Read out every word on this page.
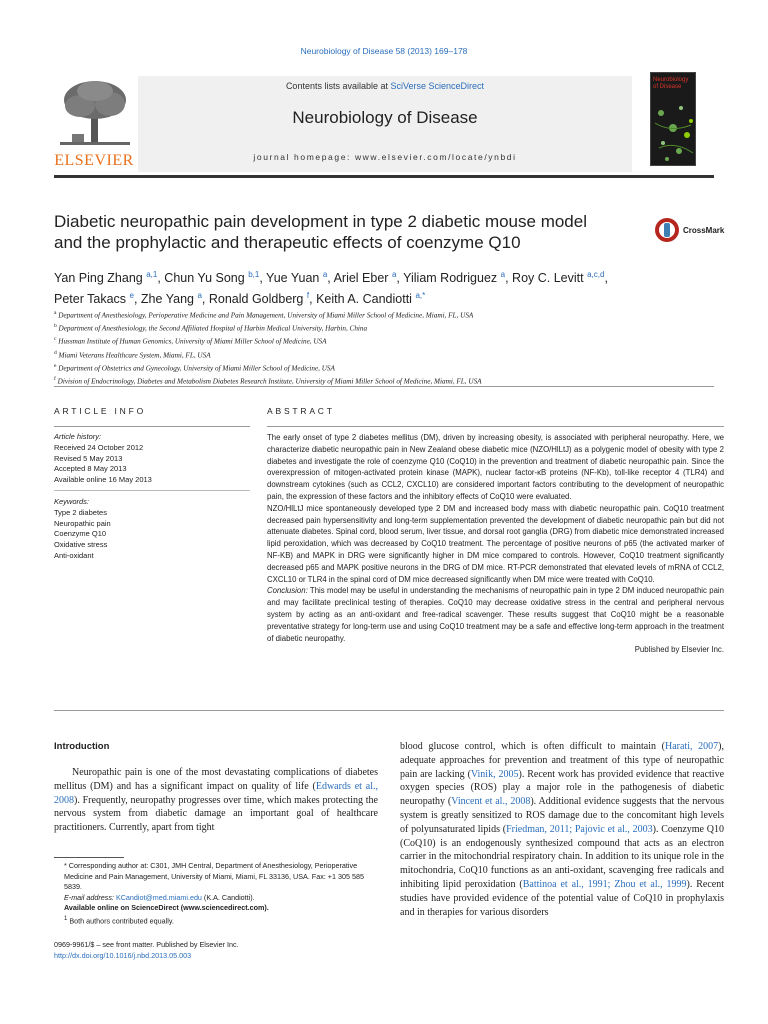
Neurobiology of Disease 58 (2013) 169–178
ELSEVIER
Contents lists available at SciVerse ScienceDirect
Neurobiology of Disease
journal homepage: www.elsevier.com/locate/ynbdi
Neurobiology of Disease
Diabetic neuropathic pain development in type 2 diabetic mouse model
and the prophylactic and therapeutic effects of coenzyme Q10
CrossMark
Yan Ping Zhang $^{a,1}$, Chun Yu Song $^{b,1}$, Yue Yuan $^a$, Ariel Eber $^a$, Yiliam Rodriguez $^a$, Roy C. Levitt $^{a,c,d}$,
Peter Takacs $^e$, Zhe Yang $^a$, Ronald Goldberg $^f$, Keith A. Candiotti $^{a,*}$
$^a$ Department of Anesthesiology, Perioperative Medicine and Pain Management, University of Miami Miller School of Medicine, Miami, FL, USA
$^b$ Department of Anesthesiology, the Second Affiliated Hospital of Harbin Medical University, Harbin, China
$^c$ Hussman Institute of Human Genomics, University of Miami Miller School of Medicine, USA
$^d$ Miami Veterans Healthcare System, Miami, FL, USA
$^e$ Department of Obstetrics and Gynecology, University of Miami Miller School of Medicine, USA
$^f$ Division of Endocrinology, Diabetes and Metabolism Diabetes Research Institute, University of Miami Miller School of Medicine, Miami, FL, USA
ARTICLE INFO	ABSTRACT
Article history:
Received 24 October 2012
Revised 5 May 2013
Accepted 8 May 2013
Available online 16 May 2013
Keywords:
Type 2 diabetes
Neuropathic pain
Coenzyme Q10
Oxidative stress
Anti-oxidant

The early onset of type 2 diabetes mellitus (DM), driven by increasing obesity, is associated with peripheral neuropathy. Here, we characterize diabetic neuropathic pain in New Zealand obese diabetic mice (NZO/HlLtJ) as a polygenic model of obesity with type 2 diabetes and investigate the role of coenzyme Q10 (CoQ10) in the prevention and treatment of diabetic neuropathic pain. Since the overexpression of mitogen-activated protein kinase (MAPK), nuclear factor-κB proteins (NF-Kb), toll-like receptor 4 (TLR4) and downstream cytokines (such as CCL2, CXCL10) are considered important factors contributing to the development of neuropathic pain, the expression of these factors and the inhibitory effects of CoQ10 were evaluated.

NZO/HlLtJ mice spontaneously developed type 2 DM and increased body mass with diabetic neuropathic pain. CoQ10 treatment decreased pain hypersensitivity and long-term supplementation prevented the development of diabetic neuropathic pain but did not attenuate diabetes. Spinal cord, blood serum, liver tissue, and dorsal root ganglia (DRG) from diabetic mice demonstrated increased lipid peroxidation, which was decreased by CoQ10 treatment. The percentage of positive neurons of p65 (the activated marker of NF-KB) and MAPK in DRG were significantly higher in DM mice compared to controls. However, CoQ10 treatment significantly decreased p65 and MAPK positive neurons in the DRG of DM mice. RT-PCR demonstrated that elevated levels of mRNA of CCL2, CXCL10 or TLR4 in the spinal cord of DM mice decreased significantly when DM mice were treated with CoQ10.

Conclusion: This model may be useful in understanding the mechanisms of neuropathic pain in type 2 DM induced neuropathic pain and may facilitate preclinical testing of therapies. CoQ10 may decrease oxidative stress in the central and peripheral nervous system by acting as an anti-oxidant and free-radical scavenger. These results suggest that CoQ10 might be a reasonable preventative strategy for long-term use and using CoQ10 treatment may be a safe and effective long-term approach in the treatment of diabetic neuropathy.

Published by Elsevier Inc.

Introduction
Neuropathic pain is one of the most devastating complications of diabetes mellitus (DM) and has a significant impact on quality of life (Edwards et al., 2008). Frequently, neuropathy progresses over time, which makes protecting the nervous system from diabetic damage an important goal of healthcare practitioners. Currently, apart from tight
blood glucose control, which is often difficult to maintain (Harati, 2007), adequate approaches for prevention and treatment of this type of neuropathic pain are lacking (Vinik, 2005). Recent work has provided evidence that reactive oxygen species (ROS) play a major role in the pathogenesis of diabetic neuropathy (Vincent et al., 2008). Additional evidence suggests that the nervous system is greatly sensitized to ROS damage due to the concomitant high levels of polyunsaturated lipids (Friedman, 2011; Pajovic et al., 2003). Coenzyme Q10 (CoQ10) is an endogenously synthesized compound that acts as an electron carrier in the mitochondrial respiratory chain. In addition to its unique role in the mitochondria, CoQ10 functions as an anti-oxidant, scavenging free radicals and inhibiting lipid peroxidation (Battinoa et al., 1991; Zhou et al., 1999). Recent studies have provided evidence of the potential value of CoQ10 in prophylaxis and in therapies for various disorders
* Corresponding author at: C301, JMH Central, Department of Anesthesiology, Perioperative Medicine and Pain Management, University of Miami, Miami, FL 33136, USA. Fax: +1 305 585 5839.
E-mail address: KCandiot@med.miami.edu (K.A. Candiotti).
Available online on ScienceDirect (www.sciencedirect.com).
$^1$ Both authors contributed equally.
0969-9961/$ – see front matter. Published by Elsevier Inc.
http://dx.doi.org/10.1016/j.nbd.2013.05.003
